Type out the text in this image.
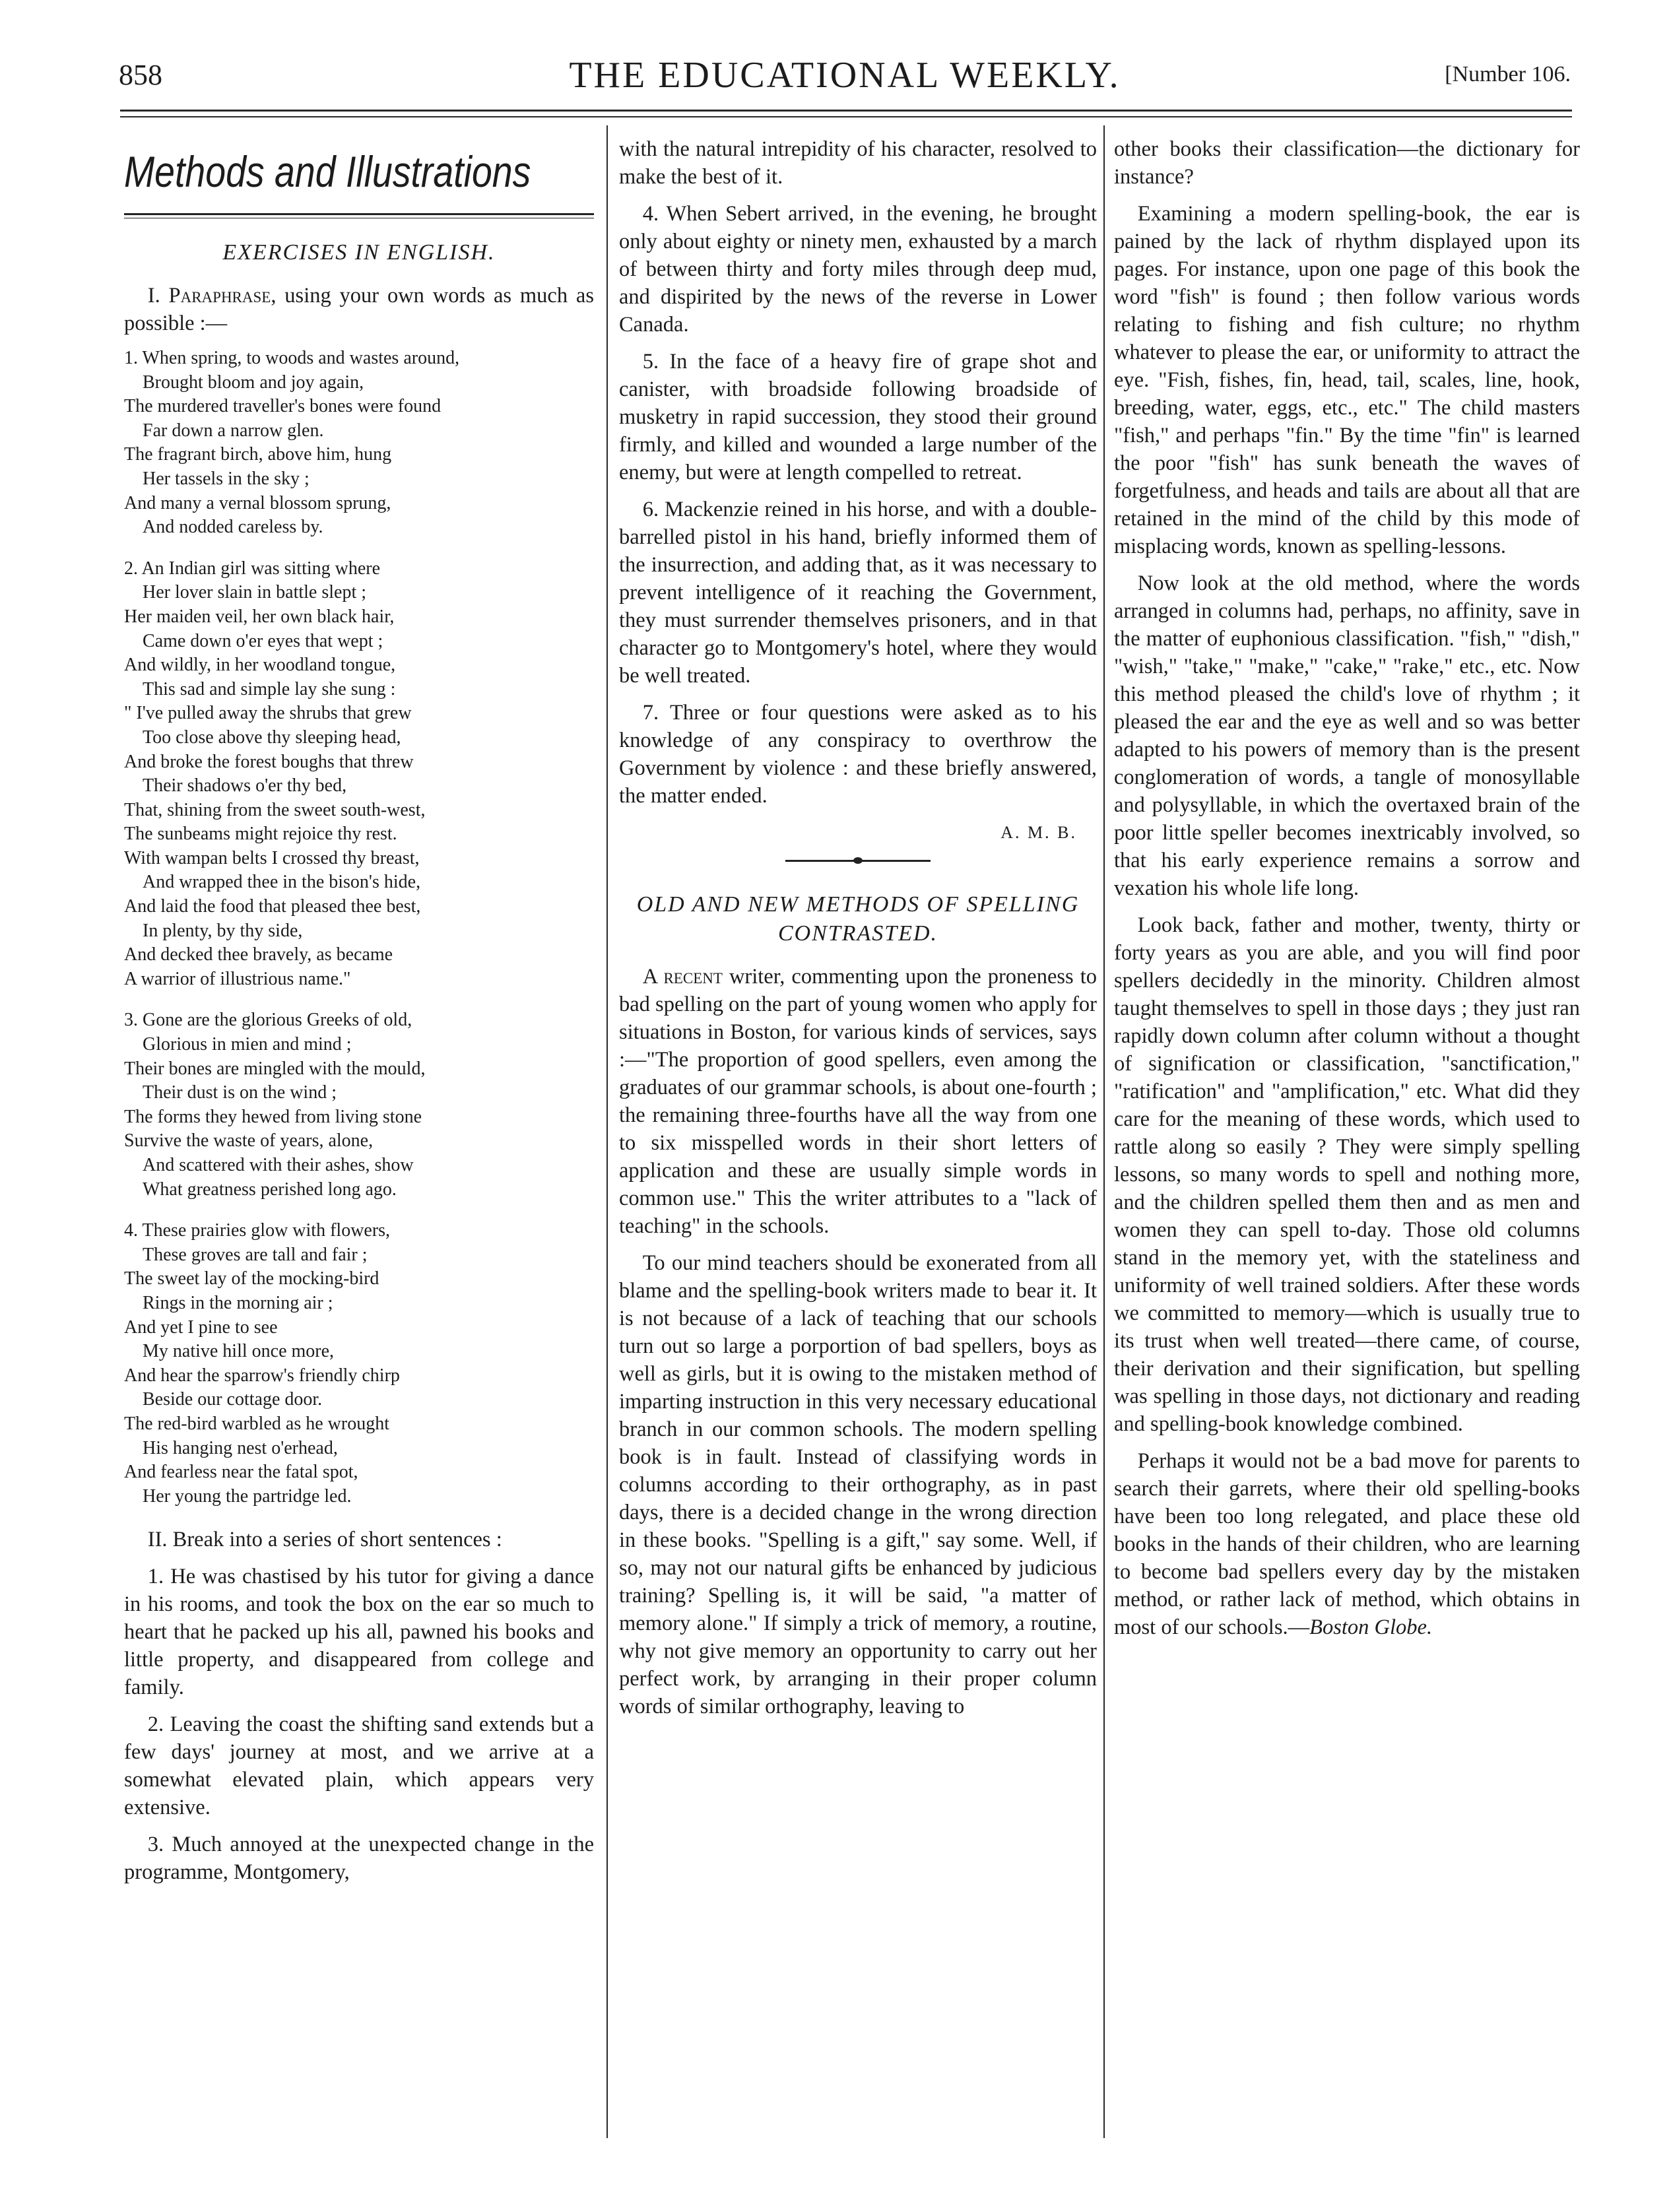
858	THE EDUCATIONAL WEEKLY.	[Number 106.
Methods and Illustrations
EXERCISES IN ENGLISH.

I. Paraphrase, using your own words as much as possible :—

1. When spring, to woods and wastes around,
Brought bloom and joy again,
The murdered traveller's bones were found
Far down a narrow glen.
The fragrant birch, above him, hung
Her tassels in the sky ;
And many a vernal blossom sprung,
And nodded careless by.
2. An Indian girl was sitting where
Her lover slain in battle slept ;
Her maiden veil, her own black hair,
Came down o'er eyes that wept ;
And wildly, in her woodland tongue,
This sad and simple lay she sung :
" I've pulled away the shrubs that grew
Too close above thy sleeping head,
And broke the forest boughs that threw
Their shadows o'er thy bed,
That, shining from the sweet south-west,
The sunbeams might rejoice thy rest.
With wampan belts I crossed thy breast,
And wrapped thee in the bison's hide,
And laid the food that pleased thee best,
In plenty, by thy side,
And decked thee bravely, as became
A warrior of illustrious name."
3. Gone are the glorious Greeks of old,
Glorious in mien and mind ;
Their bones are mingled with the mould,
Their dust is on the wind ;
The forms they hewed from living stone
Survive the waste of years, alone,
And scattered with their ashes, show
What greatness perished long ago.
4. These prairies glow with flowers,
These groves are tall and fair ;
The sweet lay of the mocking-bird
Rings in the morning air ;
And yet I pine to see
My native hill once more,
And hear the sparrow's friendly chirp
Beside our cottage door.
The red-bird warbled as he wrought
His hanging nest o'erhead,
And fearless near the fatal spot,
Her young the partridge led.

II. Break into a series of short sentences :

1. He was chastised by his tutor for giving a dance in his rooms, and took the box on the ear so much to heart that he packed up his all, pawned his books and little property, and disappeared from college and family.

2. Leaving the coast the shifting sand extends but a few days' journey at most, and we arrive at a somewhat elevated plain, which appears very extensive.

3. Much annoyed at the unexpected change in the programme, Montgomery,

with the natural intrepidity of his character, resolved to make the best of it.

4. When Sebert arrived, in the evening, he brought only about eighty or ninety men, exhausted by a march of between thirty and forty miles through deep mud, and dispirited by the news of the reverse in Lower Canada.

5. In the face of a heavy fire of grape shot and canister, with broadside following broadside of musketry in rapid succession, they stood their ground firmly, and killed and wounded a large number of the enemy, but were at length compelled to retreat.

6. Mackenzie reined in his horse, and with a double-barrelled pistol in his hand, briefly informed them of the insurrection, and adding that, as it was necessary to prevent intelligence of it reaching the Government, they must surrender themselves prisoners, and in that character go to Montgomery's hotel, where they would be well treated.

7. Three or four questions were asked as to his knowledge of any conspiracy to overthrow the Government by violence : and these briefly answered, the matter ended.

A. M. B.
OLD AND NEW METHODS OF SPELLING CONTRASTED.

A recent writer, commenting upon the proneness to bad spelling on the part of young women who apply for situations in Boston, for various kinds of services, says :—"The proportion of good spellers, even among the graduates of our grammar schools, is about one-fourth ; the remaining three-fourths have all the way from one to six misspelled words in their short letters of application and these are usually simple words in common use." This the writer attributes to a "lack of teaching" in the schools.

To our mind teachers should be exonerated from all blame and the spelling-book writers made to bear it. It is not because of a lack of teaching that our schools turn out so large a porportion of bad spellers, boys as well as girls, but it is owing to the mistaken method of imparting instruction in this very necessary educational branch in our common schools. The modern spelling book is in fault. Instead of classifying words in columns according to their orthography, as in past days, there is a decided change in the wrong direction in these books. "Spelling is a gift," say some. Well, if so, may not our natural gifts be enhanced by judicious training? Spelling is, it will be said, "a matter of memory alone." If simply a trick of memory, a routine, why not give memory an opportunity to carry out her perfect work, by arranging in their proper column words of similar orthography, leaving to

other books their classification—the dictionary for instance?

Examining a modern spelling-book, the ear is pained by the lack of rhythm displayed upon its pages. For instance, upon one page of this book the word "fish" is found ; then follow various words relating to fishing and fish culture; no rhythm whatever to please the ear, or uniformity to attract the eye. "Fish, fishes, fin, head, tail, scales, line, hook, breeding, water, eggs, etc., etc." The child masters "fish," and perhaps "fin." By the time "fin" is learned the poor "fish" has sunk beneath the waves of forgetfulness, and heads and tails are about all that are retained in the mind of the child by this mode of misplacing words, known as spelling-lessons.

Now look at the old method, where the words arranged in columns had, perhaps, no affinity, save in the matter of euphonious classification. "fish," "dish," "wish," "take," "make," "cake," "rake," etc., etc. Now this method pleased the child's love of rhythm ; it pleased the ear and the eye as well and so was better adapted to his powers of memory than is the present conglomeration of words, a tangle of monosyllable and polysyllable, in which the overtaxed brain of the poor little speller becomes inextricably involved, so that his early experience remains a sorrow and vexation his whole life long.

Look back, father and mother, twenty, thirty or forty years as you are able, and you will find poor spellers decidedly in the minority. Children almost taught themselves to spell in those days ; they just ran rapidly down column after column without a thought of signification or classification, "sanctification," "ratification" and "amplification," etc. What did they care for the meaning of these words, which used to rattle along so easily ? They were simply spelling lessons, so many words to spell and nothing more, and the children spelled them then and as men and women they can spell to-day. Those old columns stand in the memory yet, with the stateliness and uniformity of well trained soldiers. After these words we committed to memory—which is usually true to its trust when well treated—there came, of course, their derivation and their signification, but spelling was spelling in those days, not dictionary and reading and spelling-book knowledge combined.

Perhaps it would not be a bad move for parents to search their garrets, where their old spelling-books have been too long relegated, and place these old books in the hands of their children, who are learning to become bad spellers every day by the mistaken method, or rather lack of method, which obtains in most of our schools.—Boston Globe.
